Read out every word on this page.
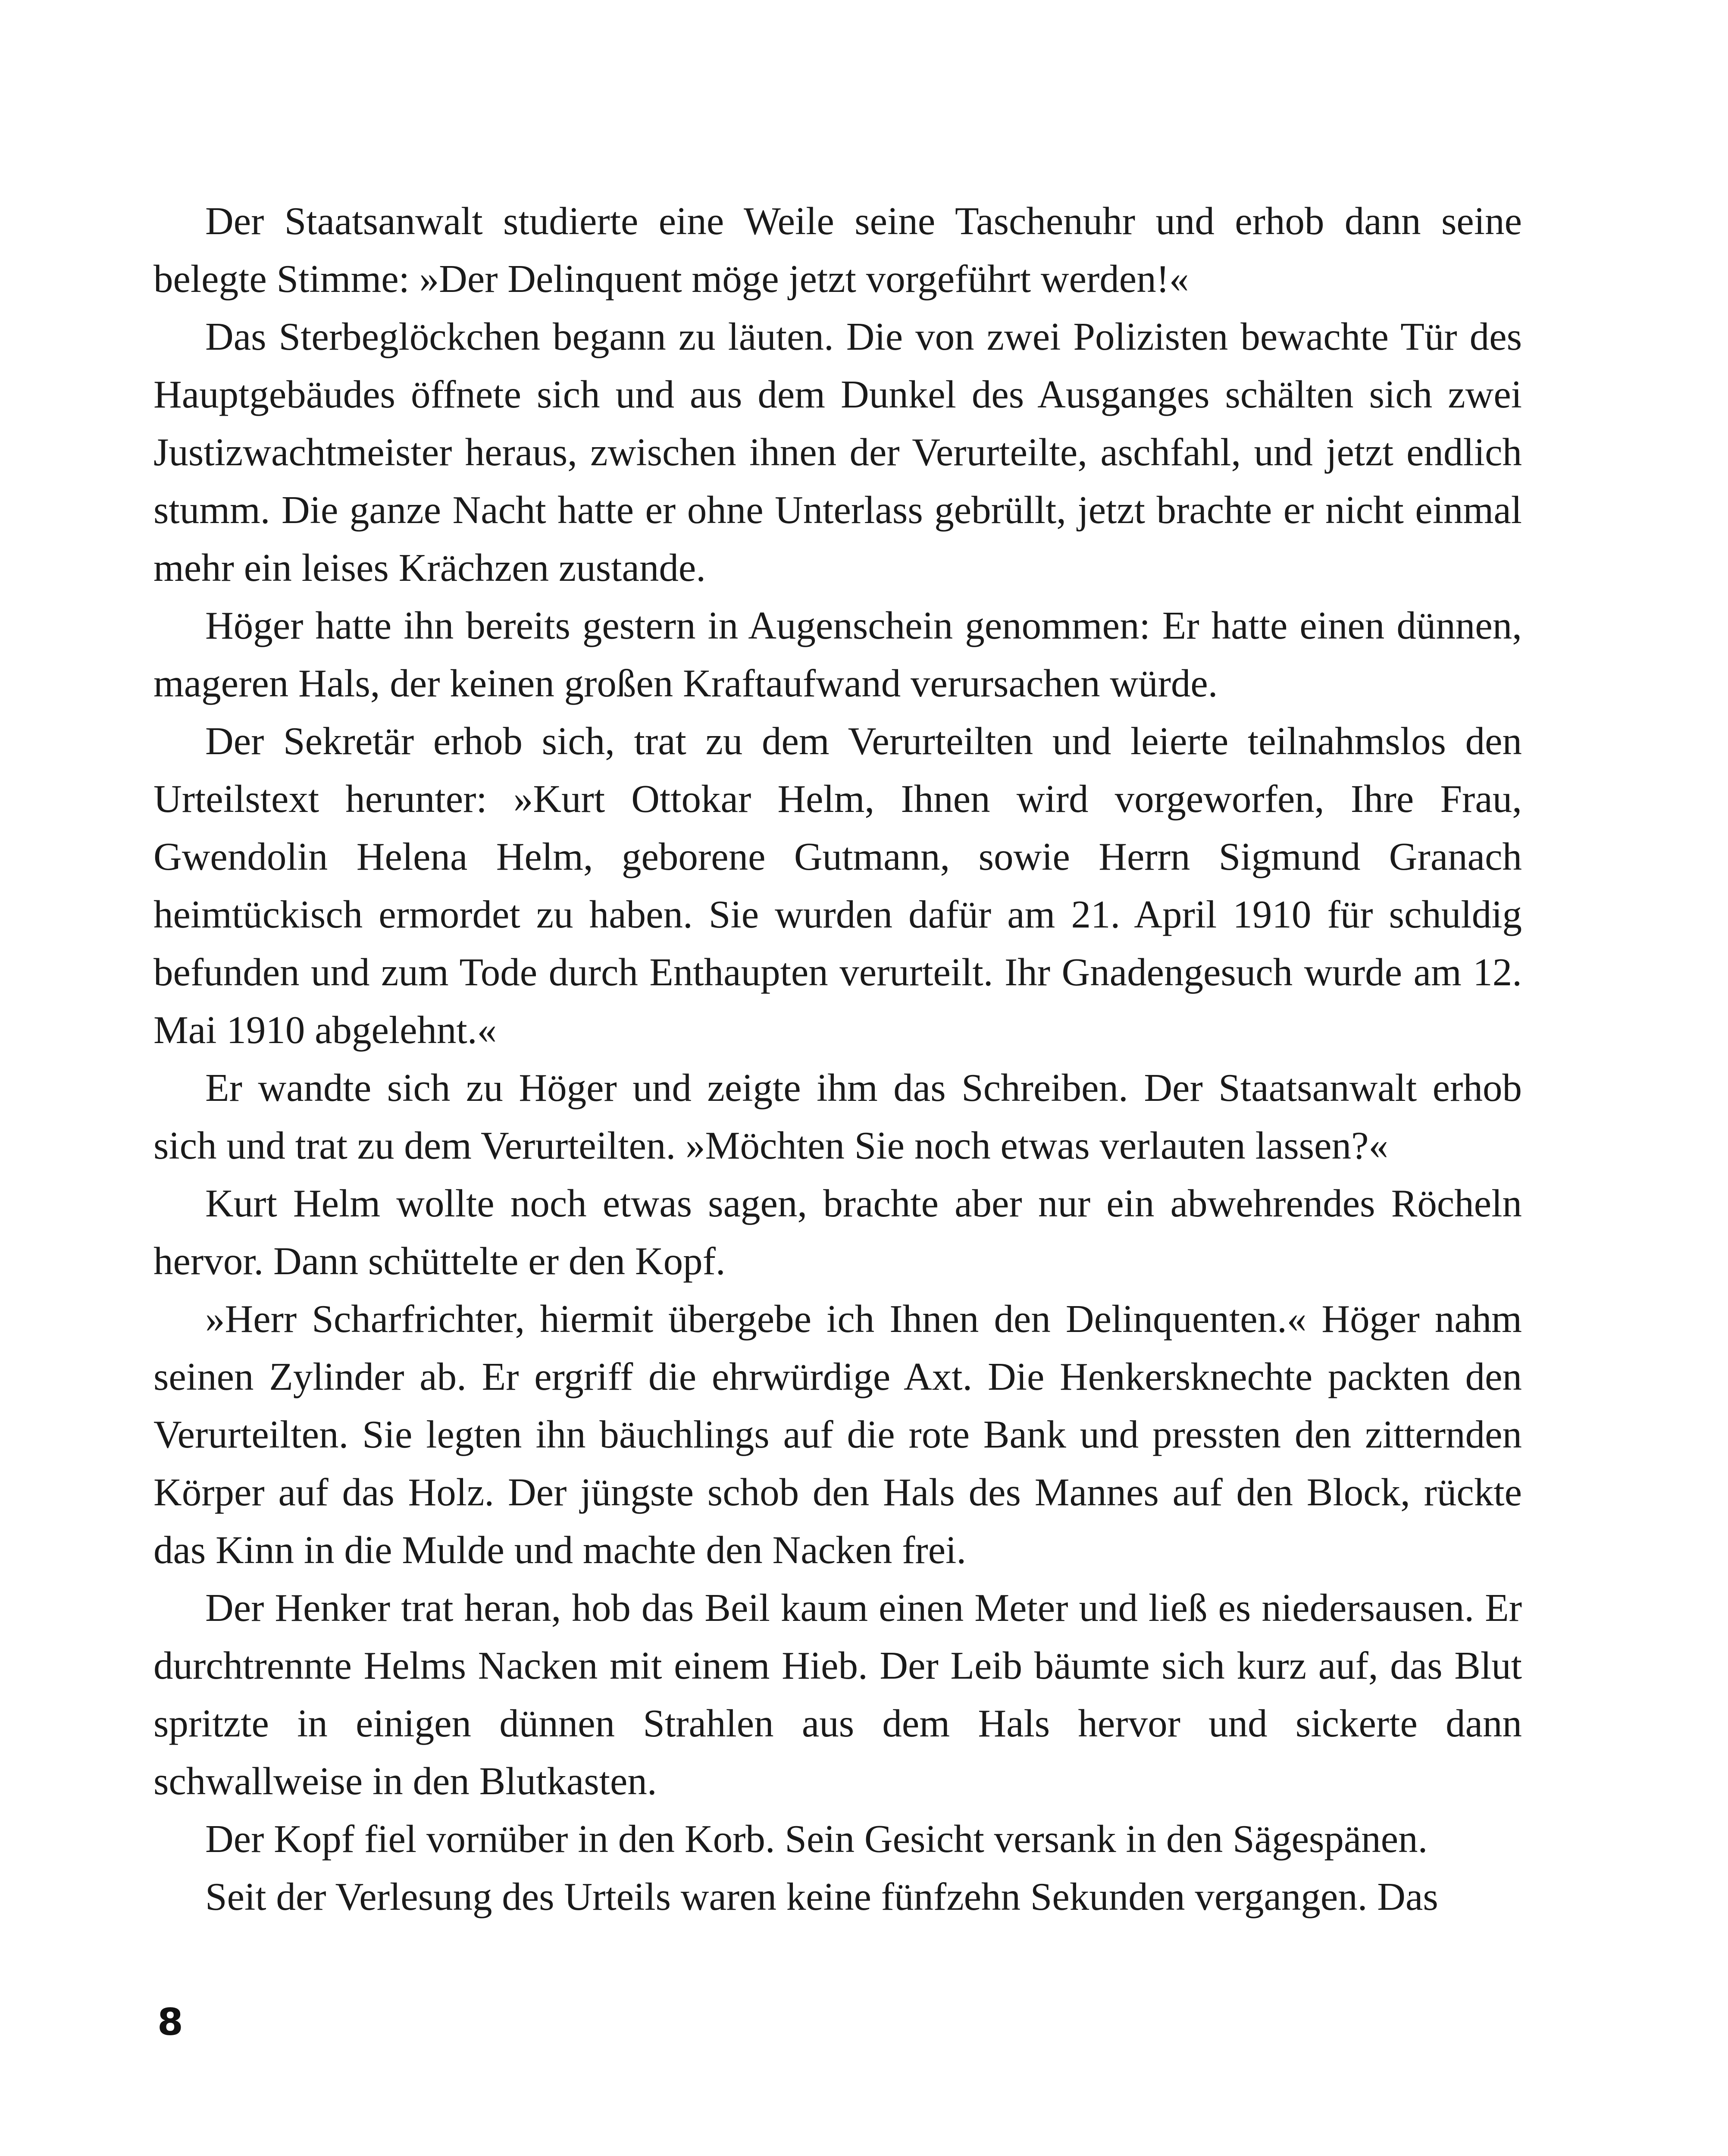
Der Staatsanwalt studierte eine Weile seine Taschenuhr und erhob dann seine belegte Stimme: »Der Delinquent möge jetzt vorgeführt werden!«

Das Sterbeglöckchen begann zu läuten. Die von zwei Polizisten bewachte Tür des Hauptgebäudes öffnete sich und aus dem Dunkel des Ausganges schälten sich zwei Justizwachtmeister heraus, zwischen ihnen der Verurteilte, aschfahl, und jetzt endlich stumm. Die ganze Nacht hatte er ohne Unterlass gebrüllt, jetzt brachte er nicht einmal mehr ein leises Krächzen zustande.

Höger hatte ihn bereits gestern in Augenschein genommen: Er hatte einen dünnen, mageren Hals, der keinen großen Kraftaufwand verursachen würde.

Der Sekretär erhob sich, trat zu dem Verurteilten und leierte teilnahmslos den Urteilstext herunter: »Kurt Ottokar Helm, Ihnen wird vorgeworfen, Ihre Frau, Gwendolin Helena Helm, geborene Gutmann, sowie Herrn Sigmund Granach heimtückisch ermordet zu haben. Sie wurden dafür am 21. April 1910 für schuldig befunden und zum Tode durch Enthaupten verurteilt. Ihr Gnadengesuch wurde am 12. Mai 1910 abgelehnt.«

Er wandte sich zu Höger und zeigte ihm das Schreiben. Der Staatsanwalt erhob sich und trat zu dem Verurteilten. »Möchten Sie noch etwas verlauten lassen?«

Kurt Helm wollte noch etwas sagen, brachte aber nur ein abwehrendes Röcheln hervor. Dann schüttelte er den Kopf.

»Herr Scharfrichter, hiermit übergebe ich Ihnen den Delinquenten.« Höger nahm seinen Zylinder ab. Er ergriff die ehrwürdige Axt. Die Henkersknechte packten den Verurteilten. Sie legten ihn bäuchlings auf die rote Bank und pressten den zitternden Körper auf das Holz. Der jüngste schob den Hals des Mannes auf den Block, rückte das Kinn in die Mulde und machte den Nacken frei.

Der Henker trat heran, hob das Beil kaum einen Meter und ließ es niedersausen. Er durchtrennte Helms Nacken mit einem Hieb. Der Leib bäumte sich kurz auf, das Blut spritzte in einigen dünnen Strahlen aus dem Hals hervor und sickerte dann schwallweise in den Blutkasten.

Der Kopf fiel vornüber in den Korb. Sein Gesicht versank in den Sägespänen.

Seit der Verlesung des Urteils waren keine fünfzehn Sekunden vergangen. Das

8
